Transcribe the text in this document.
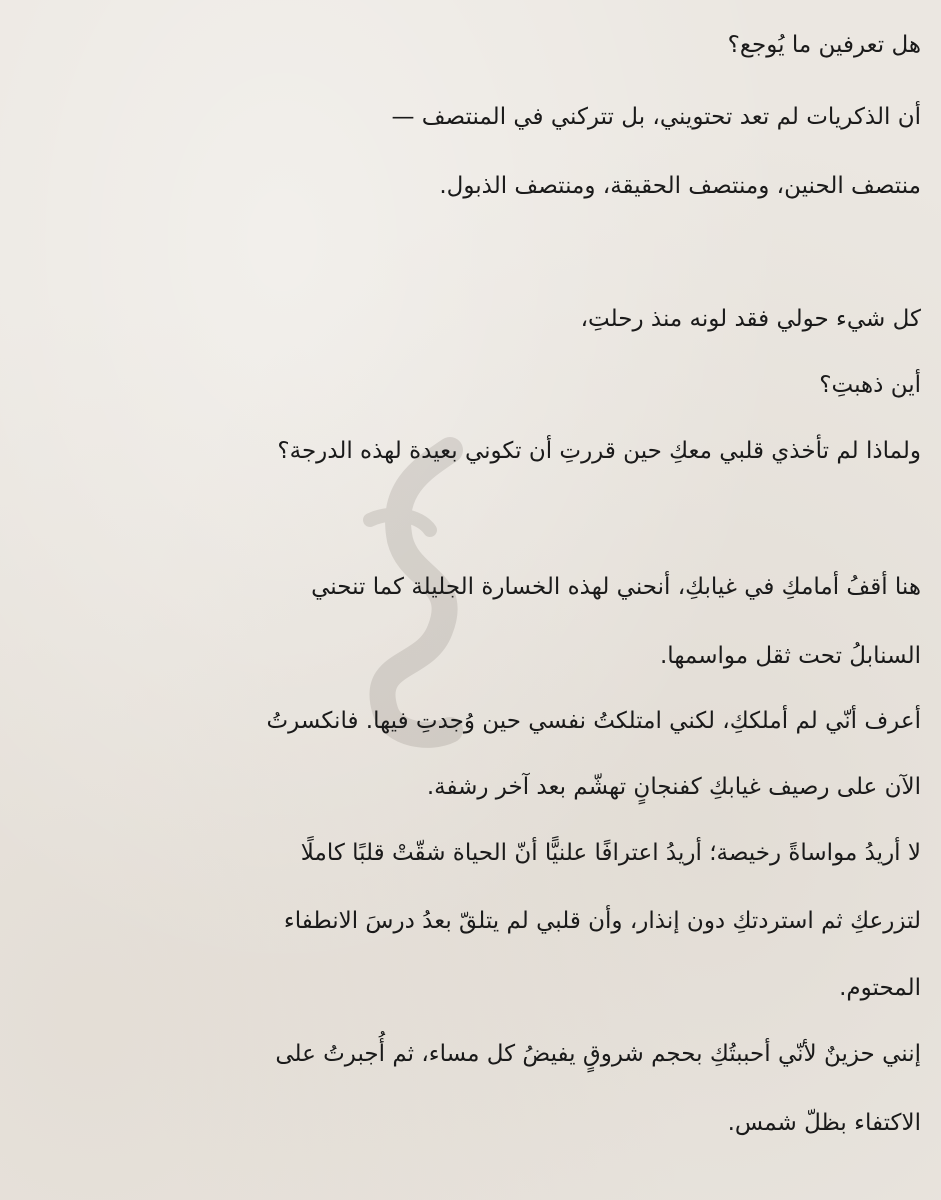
هل تعرفين ما يُوجع؟

أن الذكريات لم تعد تحتويني، بل تتركني في المنتصف —

منتصف الحنين، ومنتصف الحقيقة، ومنتصف الذبول.

كل شيء حولي فقد لونه منذ رحلتِ،

أين ذهبتِ؟

ولماذا لم تأخذي قلبي معكِ حين قررتِ أن تكوني بعيدة لهذه الدرجة؟

هنا أقفُ أمامكِ في غيابكِ، أنحني لهذه الخسارة الجليلة كما تنحني

السنابلُ تحت ثقل مواسمها.

أعرف أنّي لم أملككِ، لكني امتلكتُ نفسي حين وُجدتِ فيها. فانكسرتُ

الآن على رصيف غيابكِ كفنجانٍ تهشّم بعد آخر رشفة.

لا أريدُ مواساةً رخيصة؛ أريدُ اعترافًا علنيًّا أنّ الحياة شقّتْ قلبًا كاملًا

لتزرعكِ ثم استردتكِ دون إنذار، وأن قلبي لم يتلقّ بعدُ درسَ الانطفاء

المحتوم.

إنني حزينٌ لأنّي أحببتُكِ بحجم شروقٍ يفيضُ كل مساء، ثم أُجبرتُ على

الاكتفاء بظلّ شمس.
